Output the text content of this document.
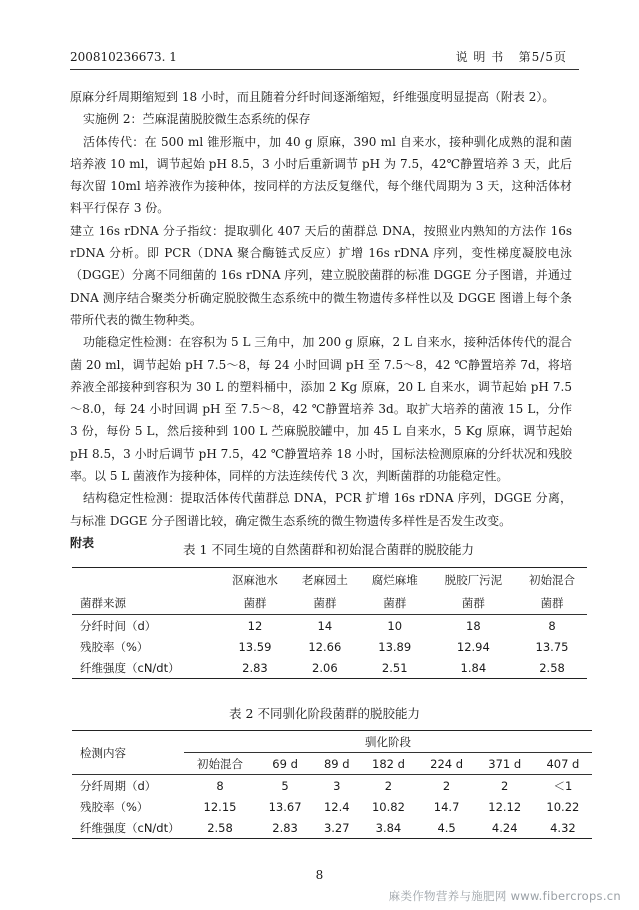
200810236673. 1	说 明 书 第5/5页

原麻分纤周期缩短到 18 小时，而且随着分纤时间逐渐缩短，纤维强度明显提高（附表 2）。

实施例 2：苎麻混菌脱胶微生态系统的保存

活体传代：在 500 ml 锥形瓶中，加 40 g 原麻，390 ml 自来水，接种驯化成熟的混和菌培养液 10 ml，调节起始 pH 8.5，3 小时后重新调节 pH 为 7.5，42℃静置培养 3 天，此后每次留 10ml 培养液作为接种体，按同样的方法反复继代，每个继代周期为 3 天，这种活体材料平行保存 3 份。

建立 16s rDNA 分子指纹：提取驯化 407 天后的菌群总 DNA，按照业内熟知的方法作 16s rDNA 分析。即 PCR（DNA 聚合酶链式反应）扩增 16s rDNA 序列，变性梯度凝胶电泳（DGGE）分离不同细菌的 16s rDNA 序列，建立脱胶菌群的标准 DGGE 分子图谱，并通过 DNA 测序结合聚类分析确定脱胶微生态系统中的微生物遗传多样性以及 DGGE 图谱上每个条带所代表的微生物种类。

功能稳定性检测：在容积为 5 L 三角中，加 200 g 原麻，2 L 自来水，接种活体传代的混合菌 20 ml，调节起始 pH 7.5～8，每 24 小时回调 pH 至 7.5～8，42 ℃静置培养 7d，将培养液全部接种到容积为 30 L 的塑料桶中，添加 2 Kg 原麻，20 L 自来水，调节起始 pH 7.5～8.0，每 24 小时回调 pH 至 7.5～8，42 ℃静置培养 3d。取扩大培养的菌液 15 L，分作 3 份，每份 5 L，然后接种到 100 L 苎麻脱胶罐中，加 45 L 自来水，5 Kg 原麻，调节起始 pH 8.5，3 小时后调节 pH 7.5，42 ℃静置培养 18 小时，国标法检测原麻的分纤状况和残胶率。以 5 L 菌液作为接种体，同样的方法连续传代 3 次，判断菌群的功能稳定性。

结构稳定性检测：提取活体传代菌群总 DNA，PCR 扩增 16s rDNA 序列，DGGE 分离，与标准 DGGE 分子图谱比较，确定微生态系统的微生物遗传多样性是否发生改变。

附表	表 1 不同生境的自然菌群和初始混合菌群的脱胶能力
	沤麻池水	老麻园土	腐烂麻堆	脱胶厂污泥	初始混合
菌群来源	菌群	菌群	菌群	菌群	菌群
分纤时间（d）	12	14	10	18	8
残胶率（%）	13.59	12.66	13.89	12.94	13.75
纤维强度（cN/dt）	2.83	2.06	2.51	1.84	2.58
表 2 不同驯化阶段菌群的脱胶能力
检测内容	驯化阶段						
	初始混合	69 d	89 d	182 d	224 d	371 d	407 d
分纤周期（d）	8	5	3	2	2	2	＜1
残胶率（%）	12.15	13.67	12.4	10.82	14.7	12.12	10.22
纤维强度（cN/dt）	2.58	2.83	3.27	3.84	4.5	4.24	4.32
8
麻类作物营养与施肥网 www.fibercrops.cn
